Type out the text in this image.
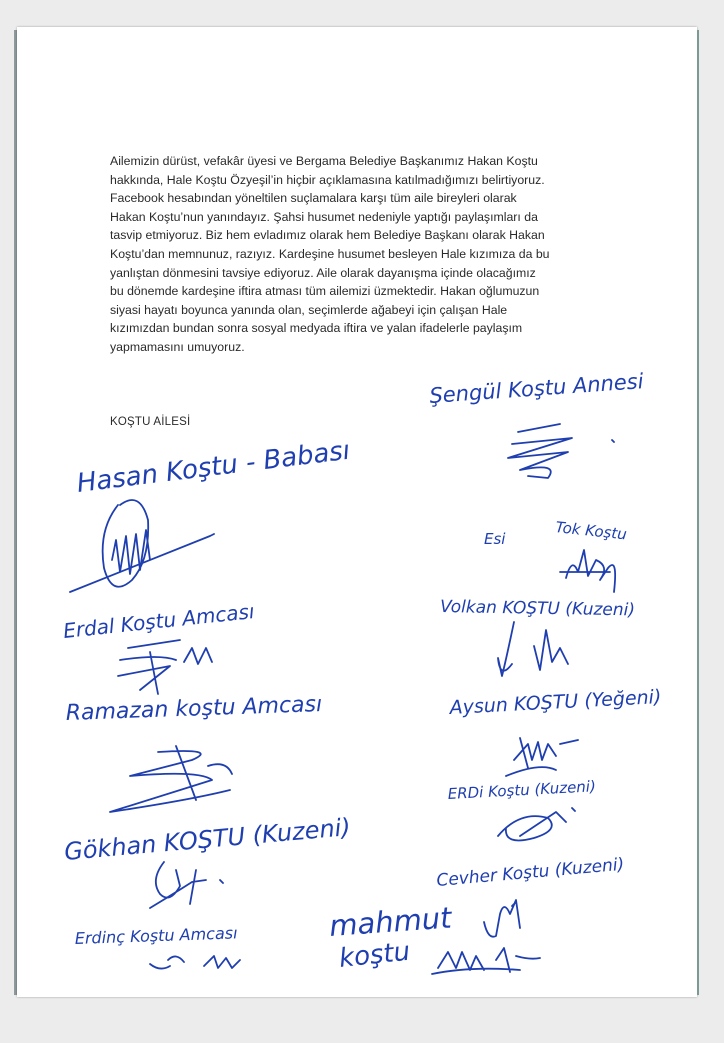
Ailemizin dürüst, vefakâr üyesi ve Bergama Belediye Başkanımız Hakan Koştu
hakkında, Hale Koştu Özyeşil’in hiçbir açıklamasına katılmadığımızı belirtiyoruz.
Facebook hesabından yöneltilen suçlamalara karşı tüm aile bireyleri olarak
Hakan Koştu’nun yanındayız. Şahsi husumet nedeniyle yaptığı paylaşımları da
tasvip etmiyoruz. Biz hem evladımız olarak hem Belediye Başkanı olarak Hakan
Koştu’dan memnunuz, razıyız. Kardeşine husumet besleyen Hale kızımıza da bu
yanlıştan dönmesini tavsiye ediyoruz. Aile olarak dayanışma içinde olacağımız
bu dönemde kardeşine iftira atması tüm ailemizi üzmektedir. Hakan oğlumuzun
siyasi hayatı boyunca yanında olan, seçimlerde ağabeyi için çalışan Hale
kızımızdan bundan sonra sosyal medyada iftira ve yalan ifadelerle paylaşım
yapmamasını umuyoruz.
KOŞTU AİLESİ
Şengül Koştu Annesi
Hasan Koştu - Babası
Esi	Tok Koştu
Erdal Koştu Amcası	Volkan KOŞTU (Kuzeni)
Ramazan koştu Amcası	Aysun KOŞTU (Yeğeni)
ERDi Koştu (Kuzeni)
Gökhan KOŞTU (Kuzeni)
Cevher Koştu (Kuzeni)
Erdinç Koştu Amcası	mahmut
koştu
